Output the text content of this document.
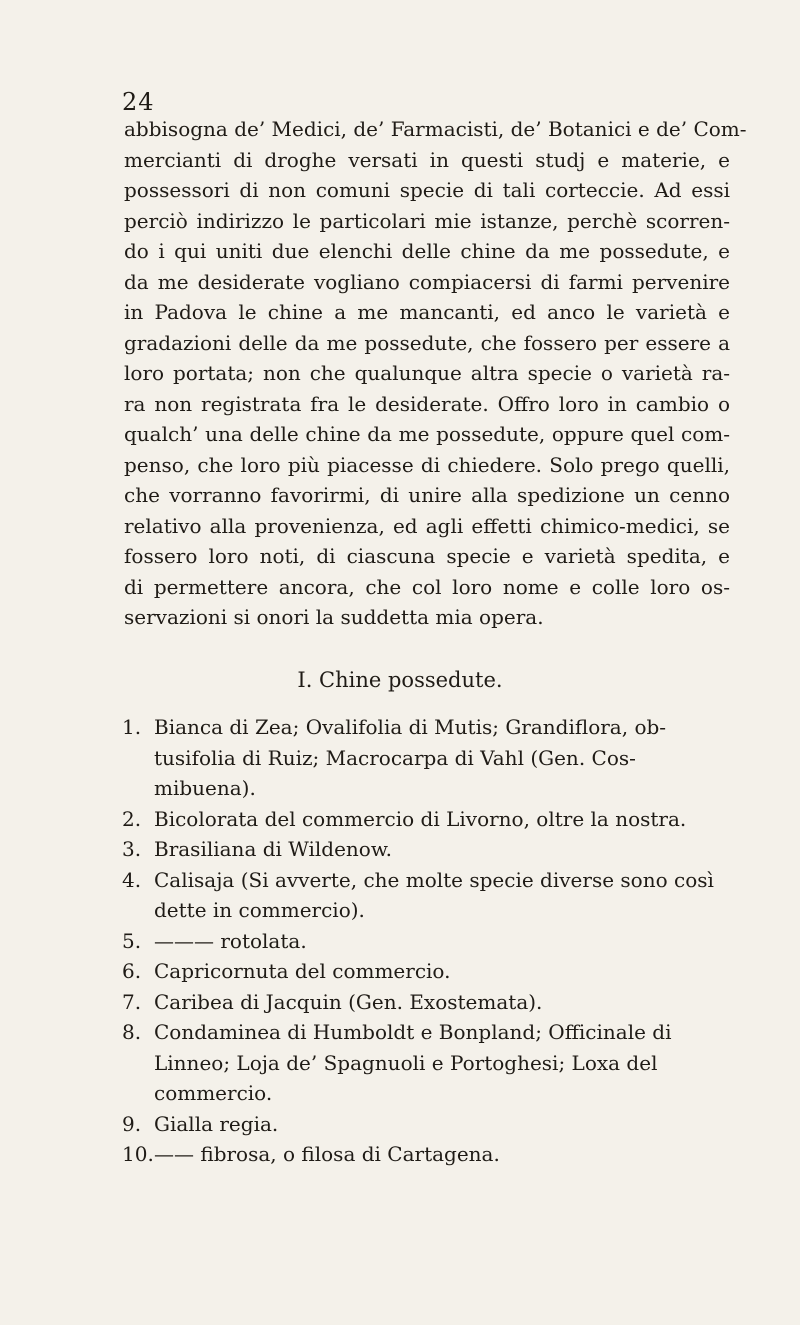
24
abbisogna de’ Medici, de’ Farmacisti, de’ Botanici e de’ Com-
mercianti di droghe versati in questi studj e materie, e
possessori di non comuni specie di tali corteccie. Ad essi
perciò indirizzo le particolari mie istanze, perchè scorren-
do i qui uniti due elenchi delle chine da me possedute, e
da me desiderate vogliano compiacersi di farmi pervenire
in Padova le chine a me mancanti, ed anco le varietà e
gradazioni delle da me possedute, che fossero per essere a
loro portata; non che qualunque altra specie o varietà ra-
ra non registrata fra le desiderate. Offro loro in cambio o
qualch’ una delle chine da me possedute, oppure quel com-
penso, che loro più piacesse di chiedere. Solo prego quelli,
che vorranno favorirmi, di unire alla spedizione un cenno
relativo alla provenienza, ed agli effetti chimico-medici, se
fossero loro noti, di ciascuna specie e varietà spedita, e
di permettere ancora, che col loro nome e colle loro os-
servazioni si onori la suddetta mia opera.
I. Chine possedute.
1. Bianca di Zea; Ovalifolia di Mutis; Grandiflora, ob-
tusifolia di Ruiz; Macrocarpa di Vahl (Gen. Cos-
mibuena).
2. Bicolorata del commercio di Livorno, oltre la nostra.
3. Brasiliana di Wildenow.
4. Calisaja (Si avverte, che molte specie diverse sono così
dette in commercio).
5. ——— rotolata.
6. Capricornuta del commercio.
7. Caribea di Jacquin (Gen. Exostemata).
8. Condaminea di Humboldt e Bonpland; Officinale di
Linneo; Loja de’ Spagnuoli e Portoghesi; Loxa del
commercio.
9. Gialla regia.
10. —— fibrosa, o filosa di Cartagena.
